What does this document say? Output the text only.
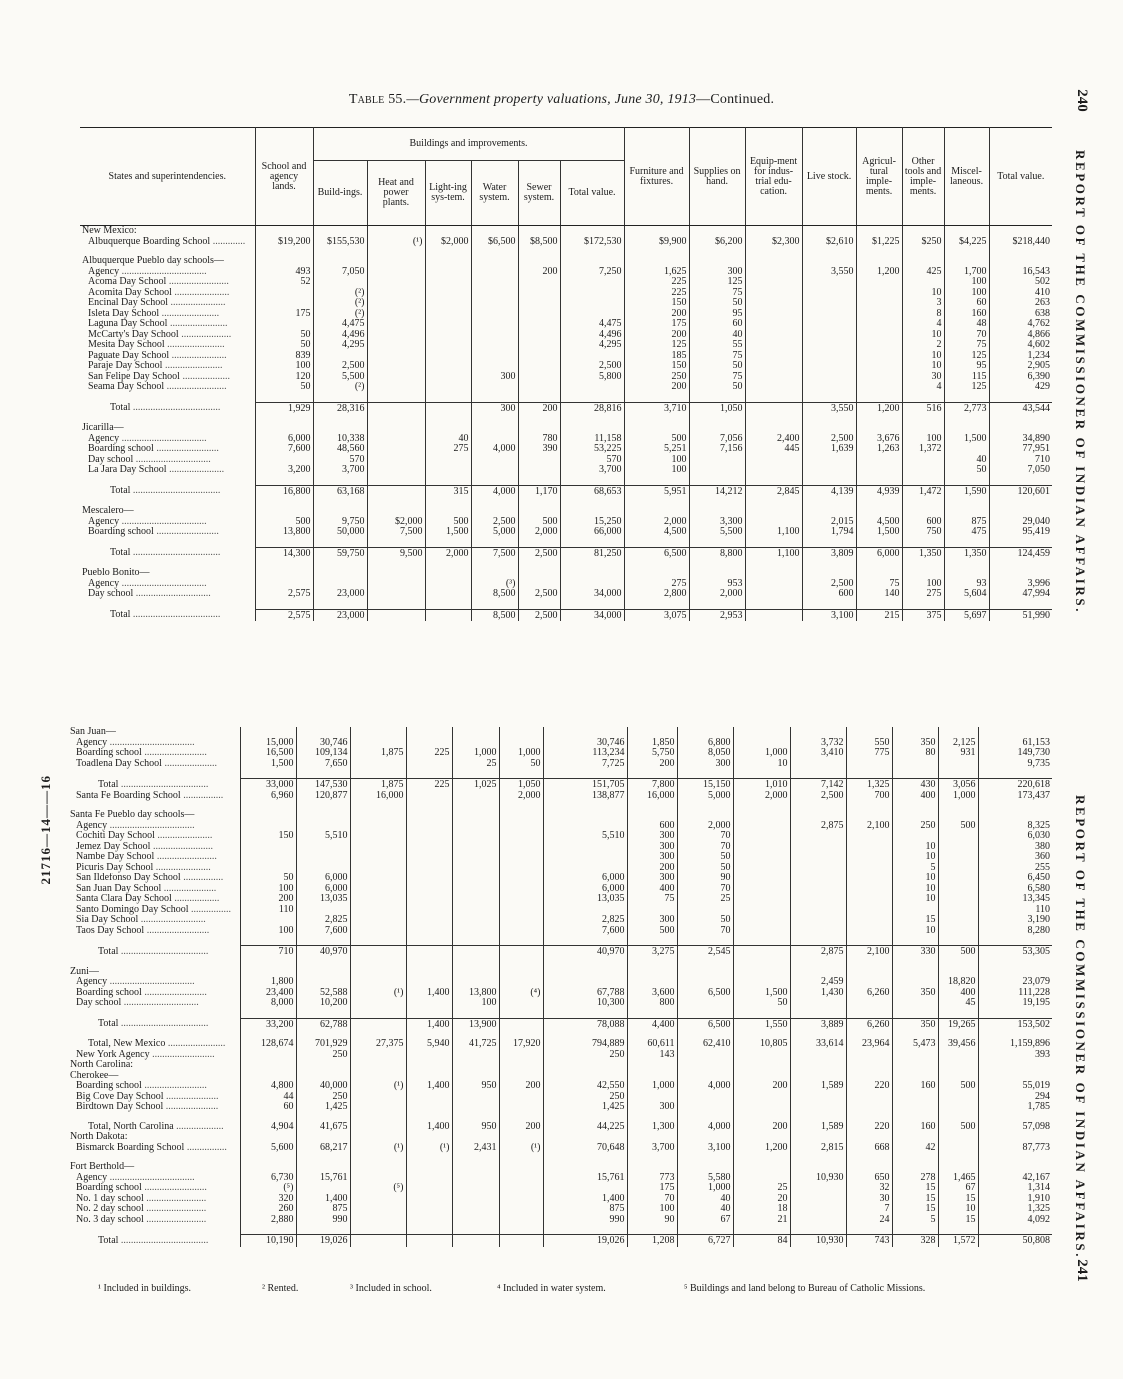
Table 55.—Government property valuations, June 30, 1913—Continued.	240
REPORT OF THE COMMISSIONER OF INDIAN AFFAIRS.
REPORT OF THE COMMISSIONER OF INDIAN AFFAIRS.
241
21716—14——16
States and superintendencies.	School and agency lands.	Buildings and improvements.						Furniture and fixtures.	Supplies on hand.	Equip-ment for indus-trial edu-cation.	Live stock.	Agricul-tural imple-ments.	Other tools and imple-ments.	Miscel-laneous.	Total value.
		Build-ings.	Heat and power plants.	Light-ing sys-tem.	Water system.	Sewer system.	Total value.								
New Mexico:															
Albuquerque Boarding School .............	$19,200	$155,530	(¹)	$2,000	$6,500	$8,500	$172,530	$9,900	$6,200	$2,300	$2,610	$1,225	$250	$4,225	$218,440

Albuquerque Pueblo day schools—															
Agency ..................................	493	7,050				200	7,250	1,625	300		3,550	1,200	425	1,700	16,543
Acoma Day School ........................	52							225	125					100	502
Acomita Day School ......................		(²)						225	75				10	100	410
Encinal Day School ......................		(²)						150	50				3	60	263
Isleta Day School .......................	175	(²)						200	95				8	160	638
Laguna Day School .......................		4,475					4,475	175	60				4	48	4,762
McCarty's Day School ....................	50	4,496					4,496	200	40				10	70	4,866
Mesita Day School .......................	50	4,295					4,295	125	55				2	75	4,602
Paguate Day School ......................	839							185	75				10	125	1,234
Paraje Day School .......................	100	2,500					2,500	150	50				10	95	2,905
San Felipe Day School ...................	120	5,500			300		5,800	250	75				30	115	6,390
Seama Day School ........................	50	(²)						200	50				4	125	429

Total ...................................	1,929	28,316			300	200	28,816	3,710	1,050		3,550	1,200	516	2,773	43,544

Jicarilla—															
Agency ..................................	6,000	10,338		40		780	11,158	500	7,056	2,400	2,500	3,676	100	1,500	34,890
Boarding school .........................	7,600	48,560		275	4,000	390	53,225	5,251	7,156	445	1,639	1,263	1,372		77,951
Day school ..............................		570					570	100						40	710
La Jara Day School ......................	3,200	3,700					3,700	100						50	7,050

Total ...................................	16,800	63,168		315	4,000	1,170	68,653	5,951	14,212	2,845	4,139	4,939	1,472	1,590	120,601

Mescalero—															
Agency ..................................	500	9,750	$2,000	500	2,500	500	15,250	2,000	3,300		2,015	4,500	600	875	29,040
Boarding school .........................	13,800	50,000	7,500	1,500	5,000	2,000	66,000	4,500	5,500	1,100	1,794	1,500	750	475	95,419

Total ...................................	14,300	59,750	9,500	2,000	7,500	2,500	81,250	6,500	8,800	1,100	3,809	6,000	1,350	1,350	124,459

Pueblo Bonito—															
Agency ..................................					(³)			275	953		2,500	75	100	93	3,996
Day school ..............................	2,575	23,000			8,500	2,500	34,000	2,800	2,000		600	140	275	5,604	47,994

Total ...................................	2,575	23,000			8,500	2,500	34,000	3,075	2,953		3,100	215	375	5,697	51,990
San Juan—															
Agency ..................................	15,000	30,746					30,746	1,850	6,800		3,732	550	350	2,125	61,153
Boarding school .........................	16,500	109,134	1,875	225	1,000	1,000	113,234	5,750	8,050	1,000	3,410	775	80	931	149,730
Toadlena Day School .....................	1,500	7,650			25	50	7,725	200	300	10					9,735

Total ...................................	33,000	147,530	1,875	225	1,025	1,050	151,705	7,800	15,150	1,010	7,142	1,325	430	3,056	220,618
Santa Fe Boarding School ................	6,960	120,877	16,000			2,000	138,877	16,000	5,000	2,000	2,500	700	400	1,000	173,437

Santa Fe Pueblo day schools—															
Agency ..................................								600	2,000		2,875	2,100	250	500	8,325
Cochiti Day School ......................	150	5,510					5,510	300	70						6,030
Jemez Day School ........................								300	70				10		380
Nambe Day School ........................								300	50				10		360
Picuris Day School ......................								200	50				5		255
San Ildefonso Day School ................	50	6,000					6,000	300	90				10		6,450
San Juan Day School .....................	100	6,000					6,000	400	70				10		6,580
Santa Clara Day School ..................	200	13,035					13,035	75	25				10		13,345
Santo Domingo Day School ................	110														110
Sia Day School ..........................		2,825					2,825	300	50				15		3,190
Taos Day School .........................	100	7,600					7,600	500	70				10		8,280

Total ...................................	710	40,970					40,970	3,275	2,545		2,875	2,100	330	500	53,305

Zuni—															
Agency ..................................	1,800										2,459			18,820	23,079
Boarding school .........................	23,400	52,588	(¹)	1,400	13,800	(⁴)	67,788	3,600	6,500	1,500	1,430	6,260	350	400	111,228
Day school ..............................	8,000	10,200			100		10,300	800		50				45	19,195

Total ...................................	33,200	62,788		1,400	13,900		78,088	4,400	6,500	1,550	3,889	6,260	350	19,265	153,502

Total, New Mexico .......................	128,674	701,929	27,375	5,940	41,725	17,920	794,889	60,611	62,410	10,805	33,614	23,964	5,473	39,456	1,159,896
New York Agency .........................		250					250	143							393
North Carolina:															
Cherokee—															
Boarding school .........................	4,800	40,000	(¹)	1,400	950	200	42,550	1,000	4,000	200	1,589	220	160	500	55,019
Big Cove Day School .....................	44	250					250								294
Birdtown Day School .....................	60	1,425					1,425	300							1,785

Total, North Carolina ...................	4,904	41,675		1,400	950	200	44,225	1,300	4,000	200	1,589	220	160	500	57,098
North Dakota:															
Bismarck Boarding School ................	5,600	68,217	(¹)	(¹)	2,431	(¹)	70,648	3,700	3,100	1,200	2,815	668	42		87,773

Fort Berthold—															
Agency ..................................	6,730	15,761					15,761	773	5,580		10,930	650	278	1,465	42,167
Boarding school .........................	(⁵)		(⁵)					175	1,000	25		32	15	67	1,314
No. 1 day school ........................	320	1,400					1,400	70	40	20		30	15	15	1,910
No. 2 day school ........................	260	875					875	100	40	18		7	15	10	1,325
No. 3 day school ........................	2,880	990					990	90	67	21		24	5	15	4,092

Total ...................................	10,190	19,026					19,026	1,208	6,727	84	10,930	743	328	1,572	50,808
¹ Included in buildings.	² Rented.	³ Included in school.	⁴ Included in water system.	⁵ Buildings and land belong to Bureau of Catholic Missions.
